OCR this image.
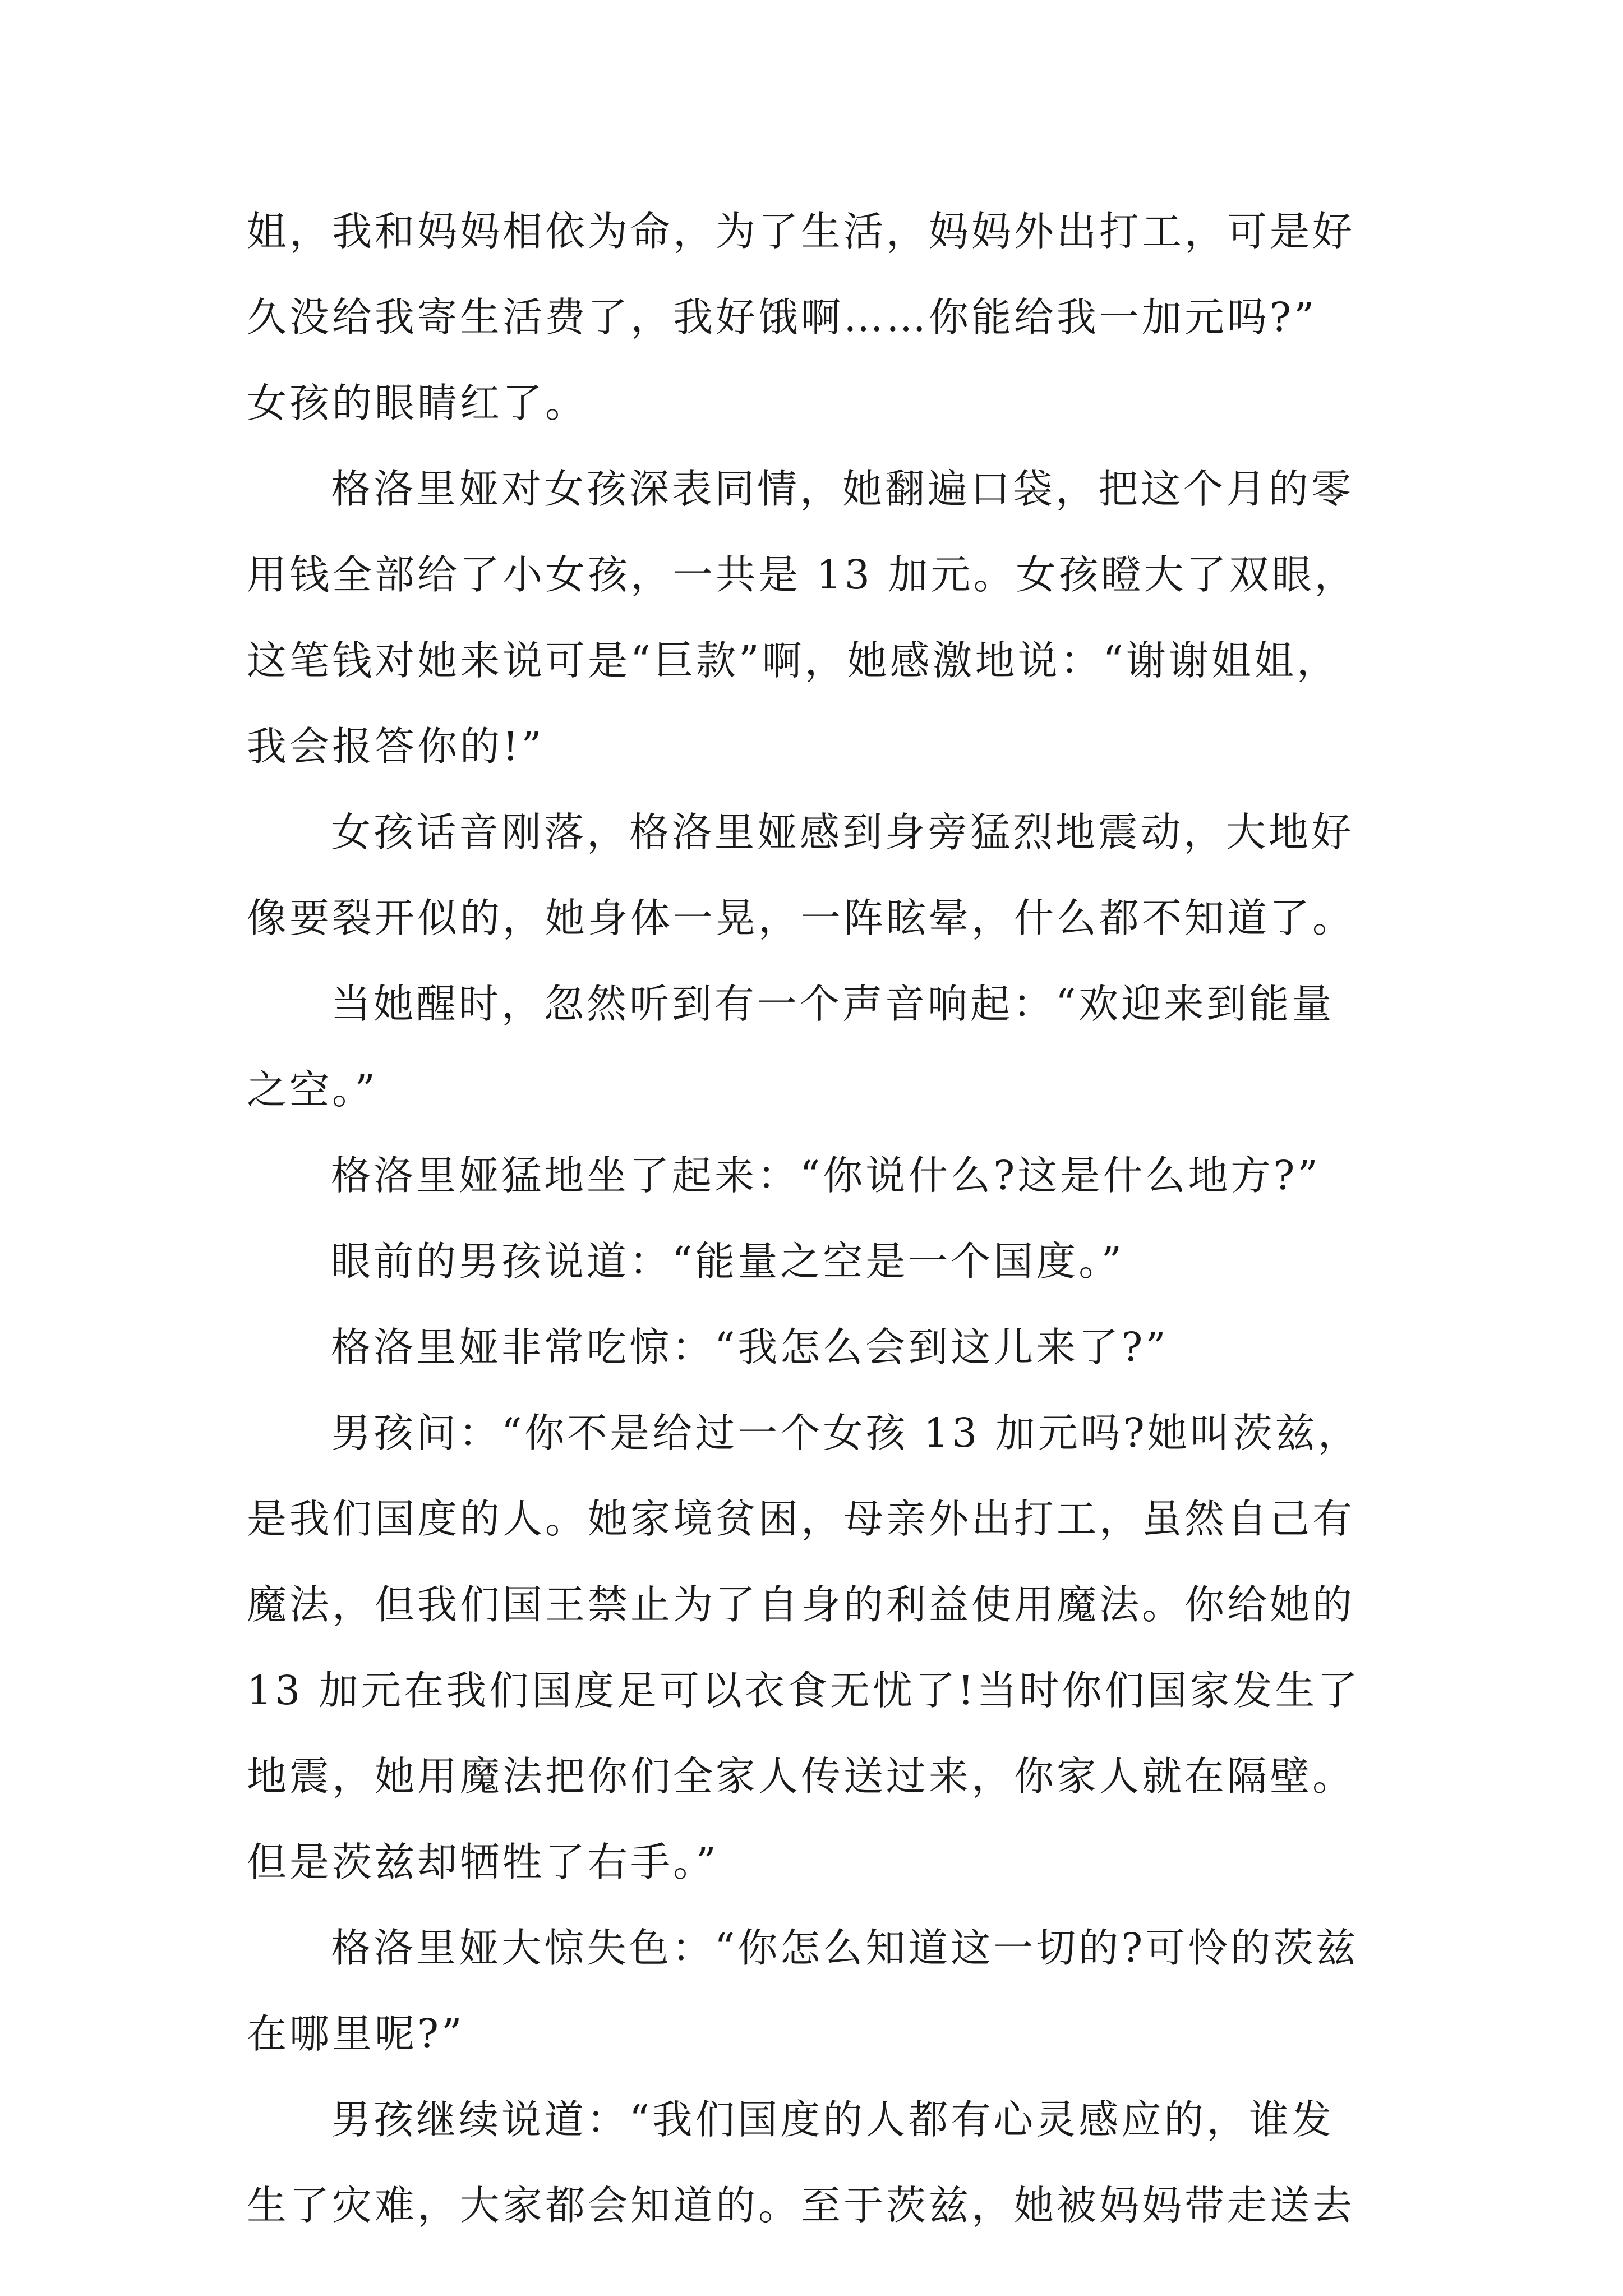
姐，我和妈妈相依为命，为了生活，妈妈外出打工，可是好
久没给我寄生活费了，我好饿啊……你能给我一加元吗?”
女孩的眼睛红了。
格洛里娅对女孩深表同情，她翻遍口袋，把这个月的零
用钱全部给了小女孩，一共是 13 加元。女孩瞪大了双眼，
这笔钱对她来说可是“巨款”啊，她感激地说：“谢谢姐姐，
我会报答你的!”
女孩话音刚落，格洛里娅感到身旁猛烈地震动，大地好
像要裂开似的，她身体一晃，一阵眩晕，什么都不知道了。
当她醒时，忽然听到有一个声音响起：“欢迎来到能量
之空。”
格洛里娅猛地坐了起来：“你说什么?这是什么地方?”
眼前的男孩说道：“能量之空是一个国度。”
格洛里娅非常吃惊：“我怎么会到这儿来了?”
男孩问：“你不是给过一个女孩 13 加元吗?她叫茨兹，
是我们国度的人。她家境贫困，母亲外出打工，虽然自己有
魔法，但我们国王禁止为了自身的利益使用魔法。你给她的
13 加元在我们国度足可以衣食无忧了!当时你们国家发生了
地震，她用魔法把你们全家人传送过来，你家人就在隔壁。
但是茨兹却牺牲了右手。”
格洛里娅大惊失色：“你怎么知道这一切的?可怜的茨兹
在哪里呢?”
男孩继续说道：“我们国度的人都有心灵感应的，谁发
生了灾难，大家都会知道的。至于茨兹，她被妈妈带走送去
